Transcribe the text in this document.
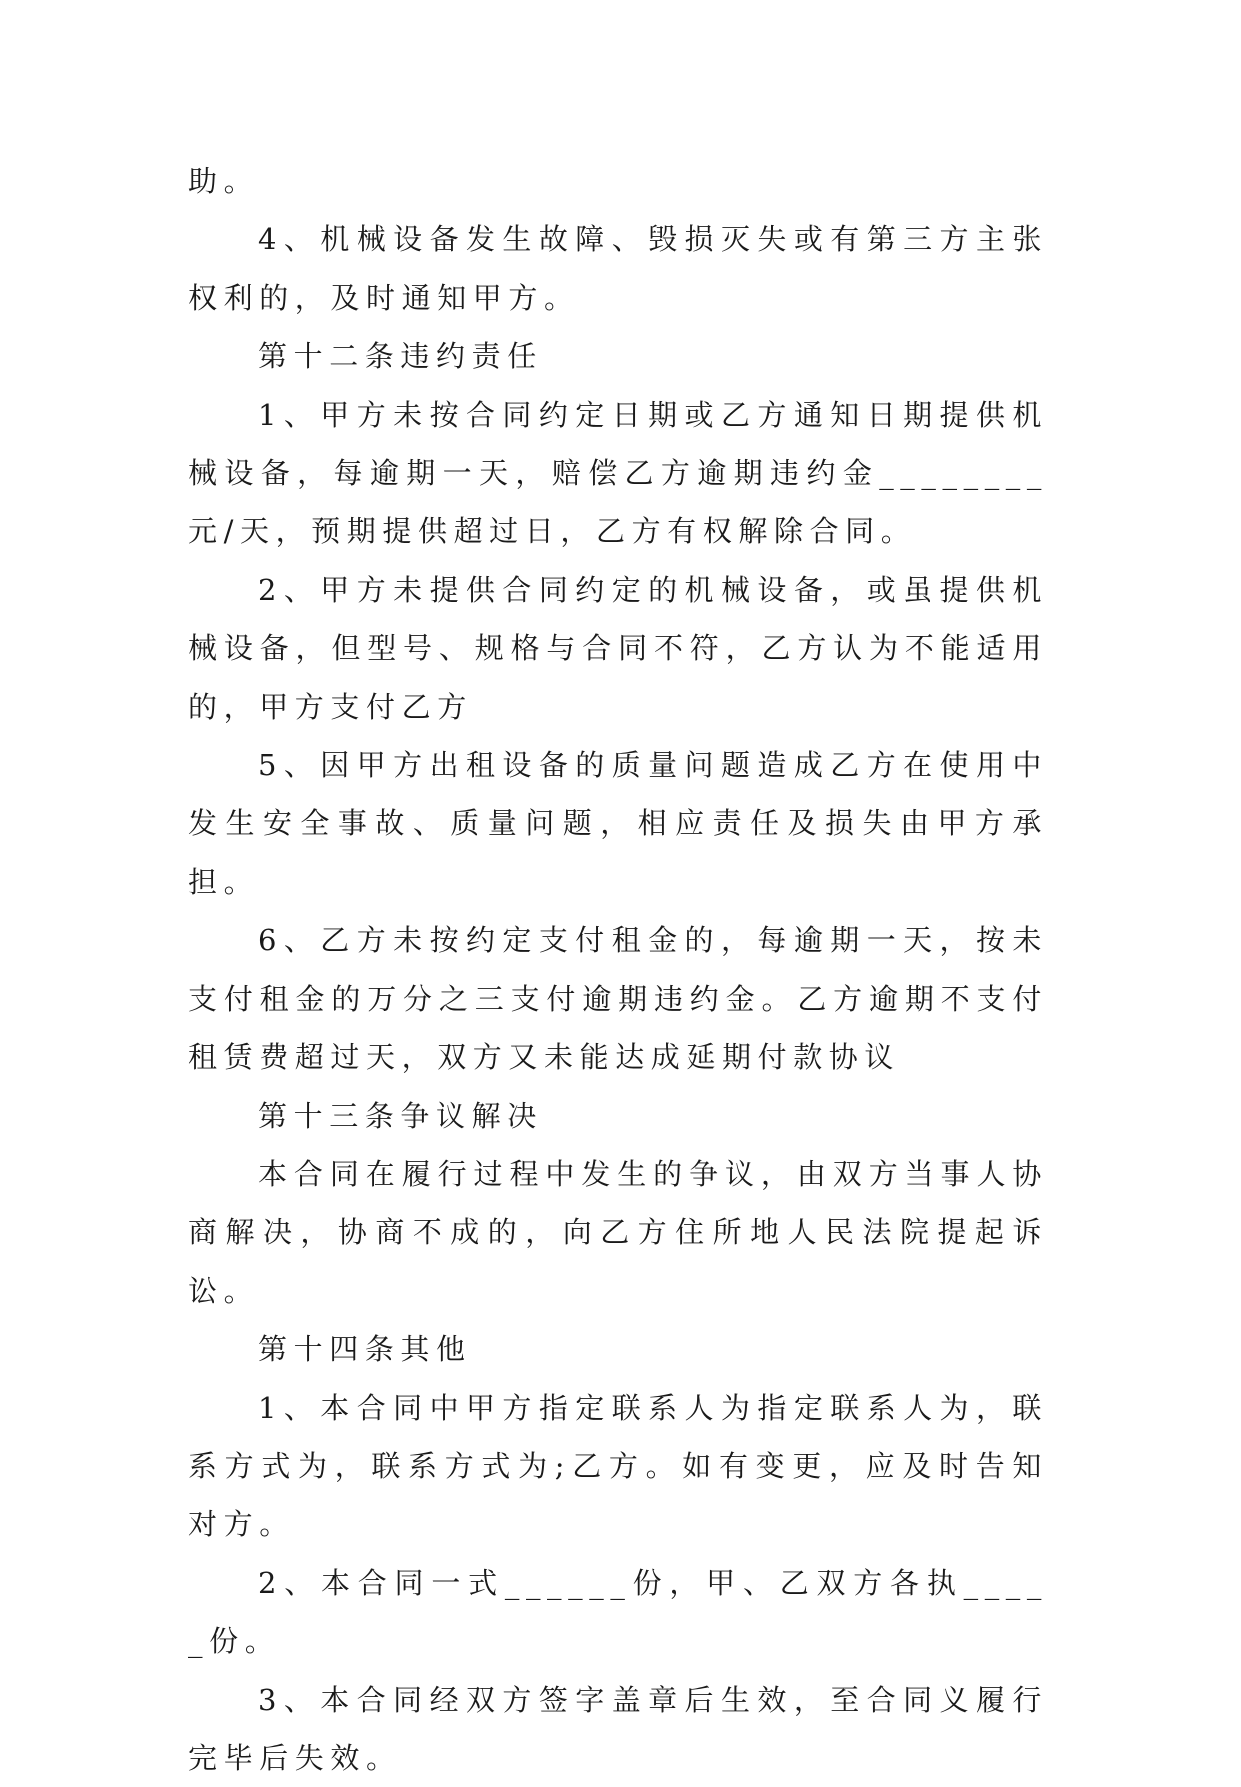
助。

4、机械设备发生故障、毁损灭失或有第三方主张权利的，及时通知甲方。

第十二条违约责任

1、甲方未按合同约定日期或乙方通知日期提供机械设备，每逾期一天，赔偿乙方逾期违约金________元/天，预期提供超过日，乙方有权解除合同。

2、甲方未提供合同约定的机械设备，或虽提供机械设备，但型号、规格与合同不符，乙方认为不能适用的，甲方支付乙方

5、因甲方出租设备的质量问题造成乙方在使用中发生安全事故、质量问题，相应责任及损失由甲方承担。

6、乙方未按约定支付租金的，每逾期一天，按未支付租金的万分之三支付逾期违约金。乙方逾期不支付租赁费超过天，双方又未能达成延期付款协议

第十三条争议解决

本合同在履行过程中发生的争议，由双方当事人协商解决，协商不成的，向乙方住所地人民法院提起诉讼。

第十四条其他

1、本合同中甲方指定联系人为指定联系人为，联系方式为，联系方式为;乙方。如有变更，应及时告知对方。

2、本合同一式______份，甲、乙双方各执_____份。

3、本合同经双方签字盖章后生效，至合同义履行完毕后失效。
